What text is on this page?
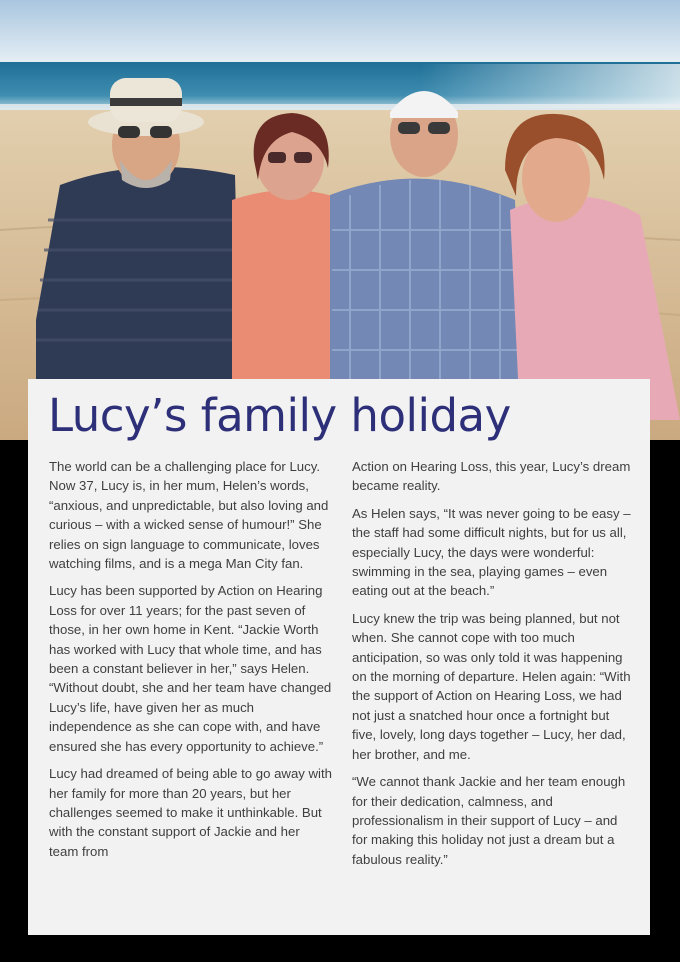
Lucy’s family holiday

The world can be a challenging place for Lucy. Now 37, Lucy is, in her mum, Helen’s words, “anxious, and unpredictable, but also loving and curious – with a wicked sense of humour!” She relies on sign language to communicate, loves watching films, and is a mega Man City fan.

Lucy has been supported by Action on Hearing Loss for over 11 years; for the past seven of those, in her own home in Kent. “Jackie Worth has worked with Lucy that whole time, and has been a constant believer in her,” says Helen. “Without doubt, she and her team have changed Lucy’s life, have given her as much independence as she can cope with, and have ensured she has every opportunity to achieve.”

Lucy had dreamed of being able to go away with her family for more than 20 years, but her challenges seemed to make it unthinkable. But with the constant support of Jackie and her team from

Action on Hearing Loss, this year, Lucy’s dream became reality.

As Helen says, “It was never going to be easy – the staff had some difficult nights, but for us all, especially Lucy, the days were wonderful: swimming in the sea, playing games – even eating out at the beach.”

Lucy knew the trip was being planned, but not when. She cannot cope with too much anticipation, so was only told it was happening on the morning of departure. Helen again: “With the support of Action on Hearing Loss, we had not just a snatched hour once a fortnight but five, lovely, long days together – Lucy, her dad, her brother, and me.

“We cannot thank Jackie and her team enough for their dedication, calmness, and professionalism in their support of Lucy – and for making this holiday not just a dream but a fabulous reality.”
